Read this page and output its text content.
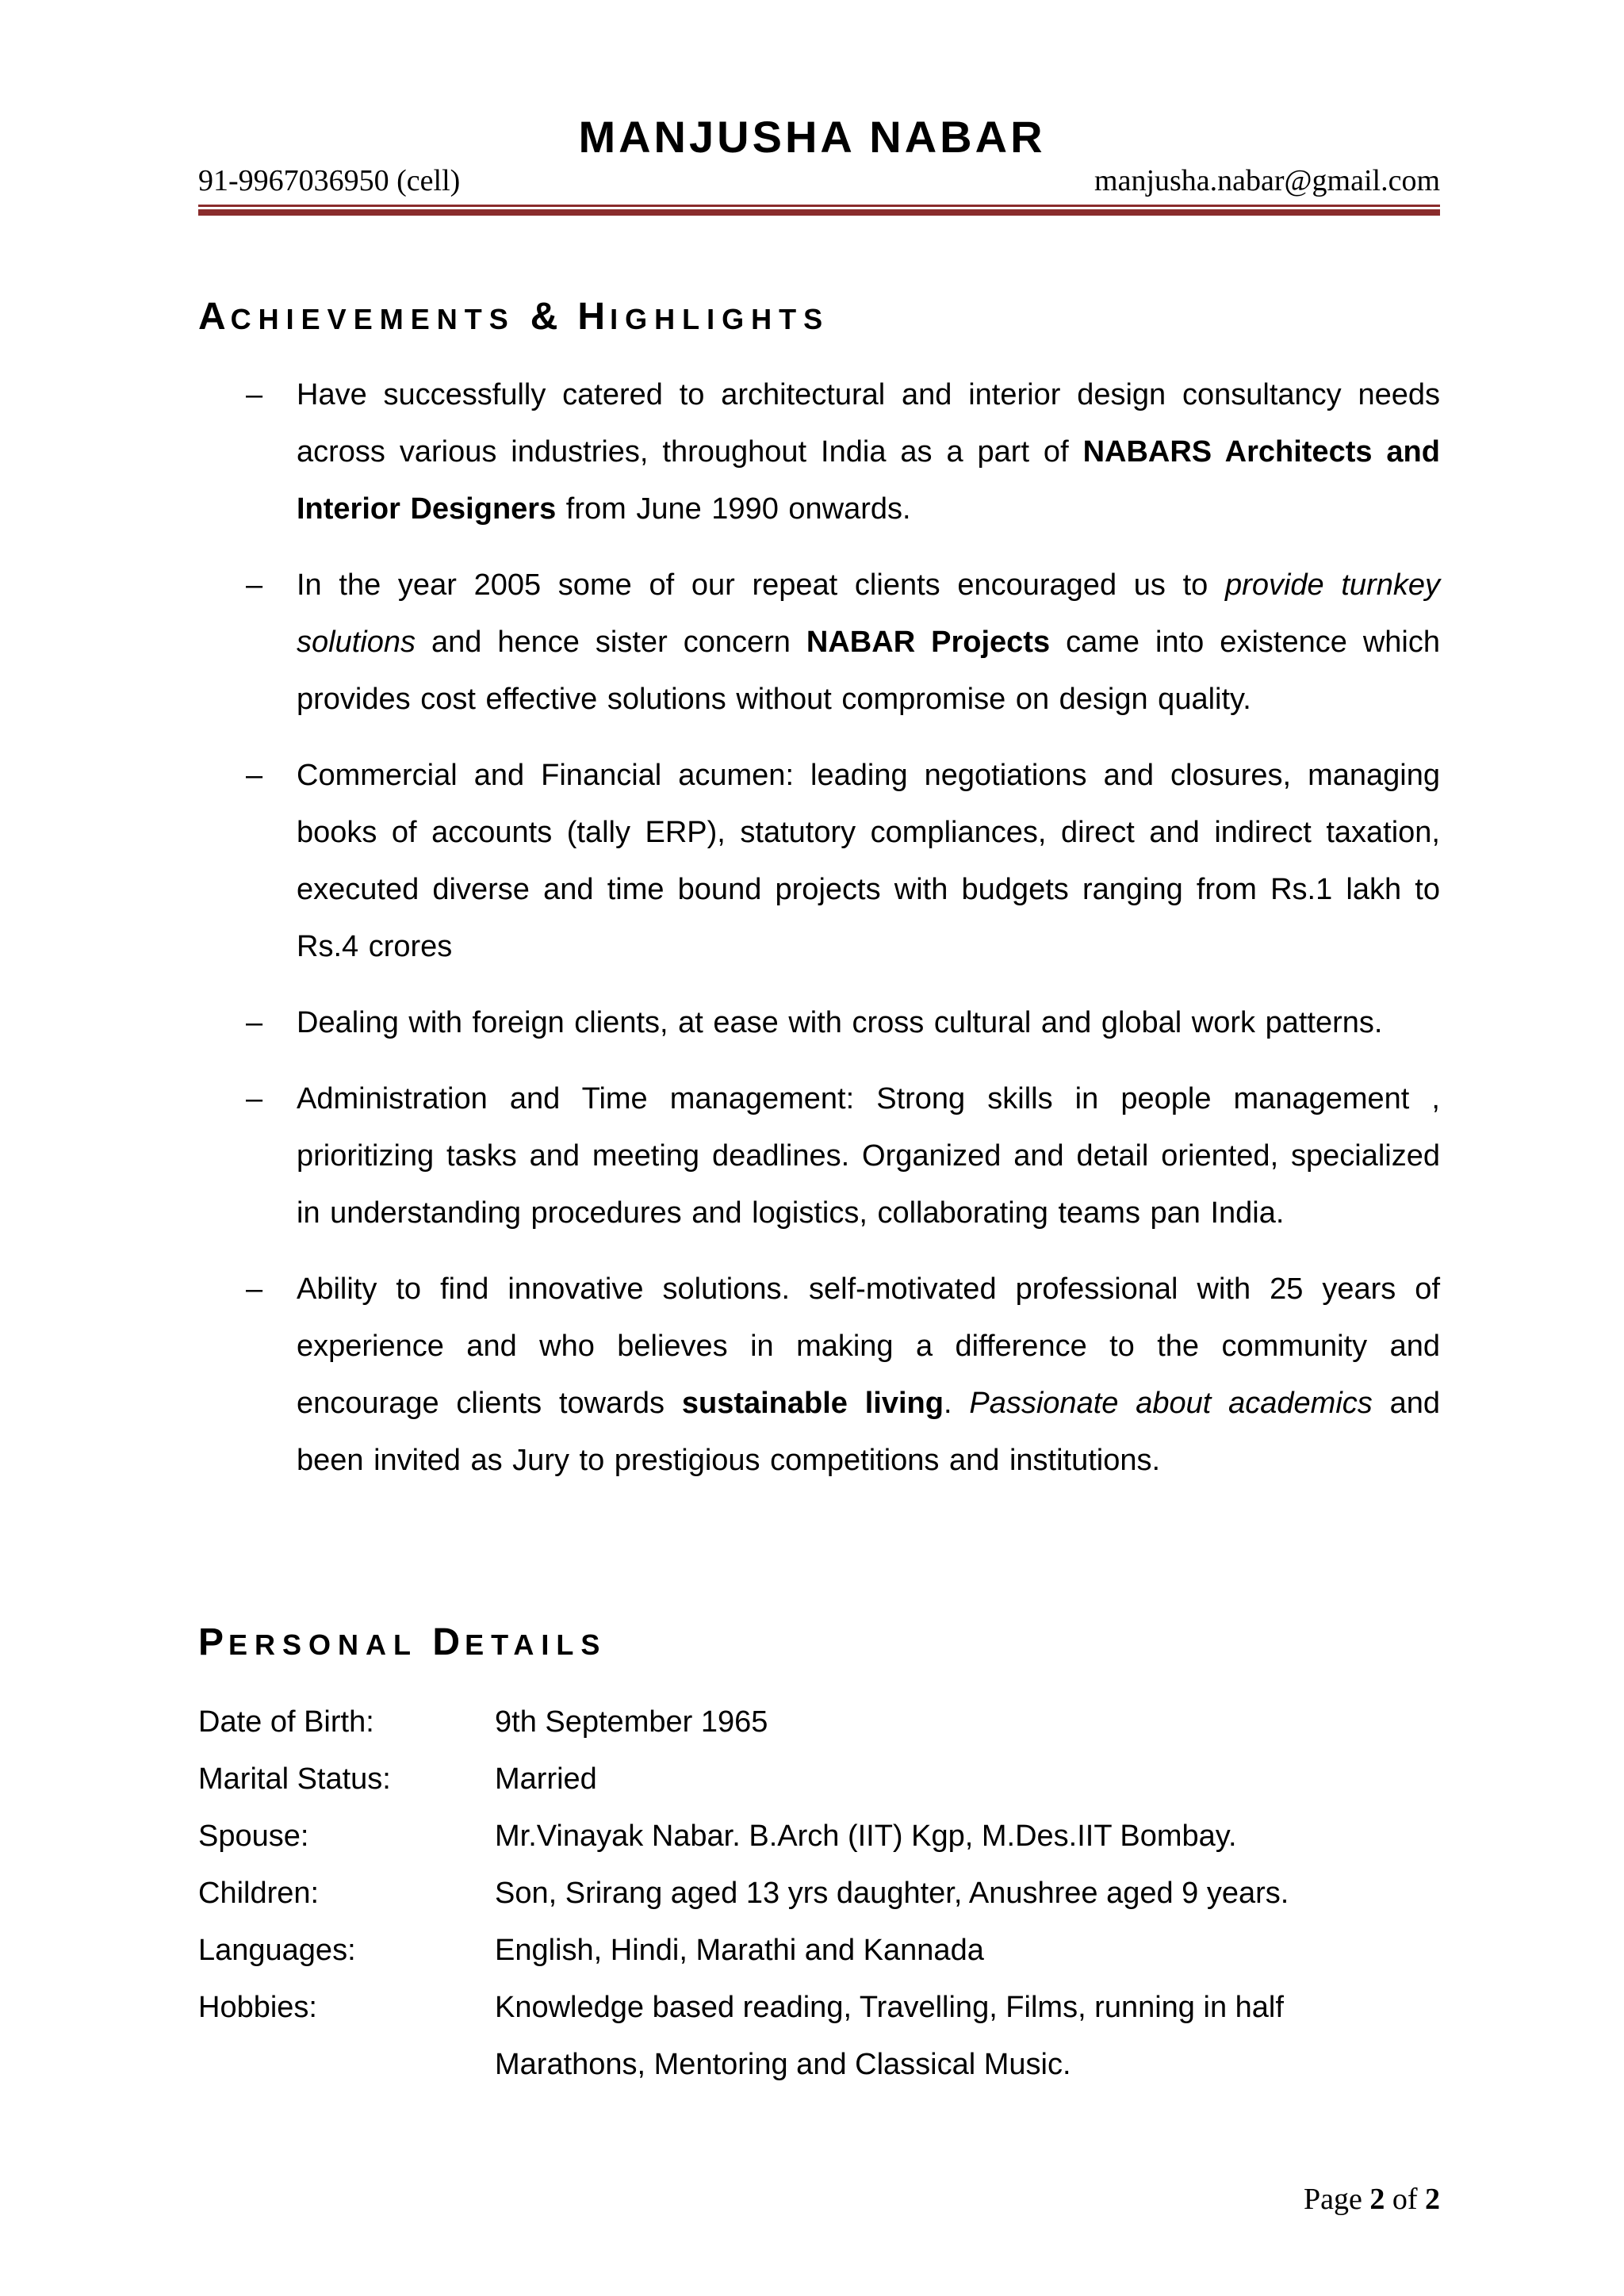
MANJUSHA NABAR
91-9967036950 (cell)	manjusha.nabar@gmail.com
ACHIEVEMENTS & HIGHLIGHTS
– Have successfully catered to architectural and interior design consultancy needs across various industries, throughout India as a part of NABARS Architects and Interior Designers from June 1990 onwards.
– In the year 2005 some of our repeat clients encouraged us to provide turnkey solutions and hence sister concern NABAR Projects came into existence which provides cost effective solutions without compromise on design quality.
– Commercial and Financial acumen: leading negotiations and closures, managing books of accounts (tally ERP), statutory compliances, direct and indirect taxation, executed diverse and time bound projects with budgets ranging from Rs.1 lakh to Rs.4 crores
– Dealing with foreign clients, at ease with cross cultural and global work patterns.
– Administration and Time management: Strong skills in people management , prioritizing tasks and meeting deadlines. Organized and detail oriented, specialized in understanding procedures and logistics, collaborating teams pan India.
– Ability to find innovative solutions. self-motivated professional with 25 years of experience and who believes in making a difference to the community and encourage clients towards sustainable living. Passionate about academics and been invited as Jury to prestigious competitions and institutions.
PERSONAL DETAILS
Date of Birth:	9th September 1965
Marital Status:	Married
Spouse:	Mr.Vinayak Nabar. B.Arch (IIT) Kgp, M.Des.IIT Bombay.
Children:	Son, Srirang aged 13 yrs daughter, Anushree aged 9 years.
Languages:	English, Hindi, Marathi and Kannada
Hobbies:	Knowledge based reading, Travelling, Films, running in half Marathons, Mentoring and Classical Music.
Page 2 of 2
